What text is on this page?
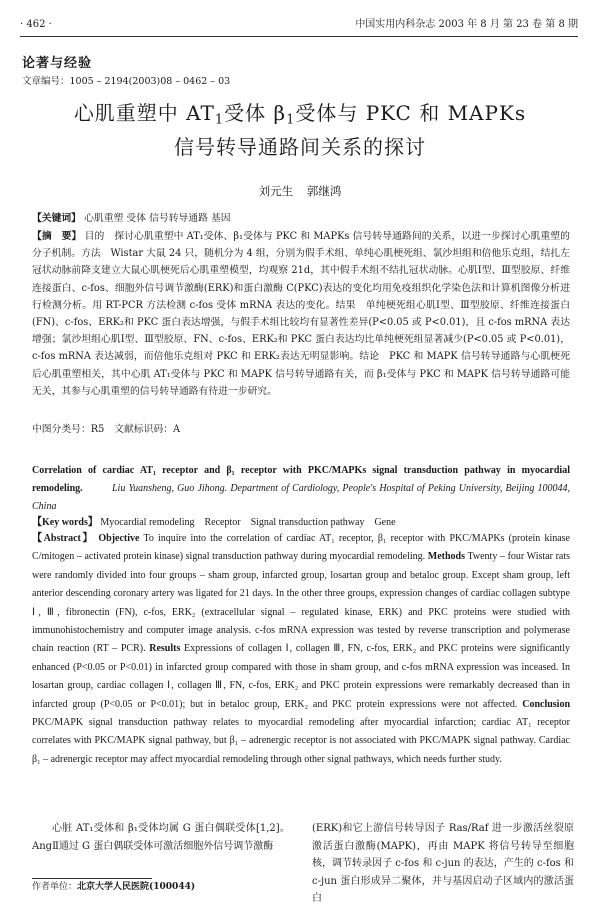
· 462 ·	中国实用内科杂志 2003 年 8 月 第 23 卷 第 8 期
论著与经验
文章编号：1005 – 2194(2003)08 – 0462 – 03
心肌重塑中 $AT_1$受体 $\beta_1$受体与 PKC 和 MAPKs
信号转导通路间关系的探讨
刘元生 郭继鸿
【关键词】 心肌重塑 受体 信号转导通路 基因
【摘　要】 目的　探讨心肌重塑中 AT₁受体、β₁受体与 PKC 和 MAPKs 信号转导通路间的关系，以进一步探讨心肌重塑的分子机制。方法　Wistar 大鼠 24 只，随机分为 4 组，分别为假手术组、单纯心肌梗死组、氯沙坦组和倍他乐克组，结扎左冠状动脉前降支建立大鼠心肌梗死后心肌重塑模型，均观察 21d，其中假手术组不结扎冠状动脉。心肌Ⅰ型、Ⅲ型胶原、纤维连接蛋白、c-fos、细胞外信号调节激酶(ERK)和蛋白激酶 C(PKC)表达的变化均用免疫组织化学染色法和计算机图像分析进行检测分析。用 RT-PCR 方法检测 c-fos 受体 mRNA 表达的变化。结果　单纯梗死组心肌Ⅰ型、Ⅲ型胶原、纤维连接蛋白(FN)、c-fos、ERK₂和 PKC 蛋白表达增强，与假手术组比较均有显著性差异(P<0.05 或 P<0.01)，且 c-fos mRNA 表达增强；氯沙坦组心肌Ⅰ型、Ⅲ型胶原、FN、c-fos、ERK₂和 PKC 蛋白表达均比单纯梗死组显著减少(P<0.05 或 P<0.01)，c-fos mRNA 表达减弱，而倍他乐克组对 PKC 和 ERK₂表达无明显影响。结论　PKC 和 MAPK 信号转导通路与心肌梗死后心肌重塑相关，其中心肌 AT₁受体与 PKC 和 MAPK 信号转导通路有关，而 β₁受体与 PKC 和 MAPK 信号转导通路可能无关，其参与心肌重塑的信号转导通路有待进一步研究。
中图分类号：R5　文献标识码：A
Correlation of cardiac AT₁ receptor and β₁ receptor with PKC/MAPKs signal transduction pathway in myocardial remodeling.	Liu Yuansheng, Guo Jihong. Department of Cardiology, People's Hospital of Peking University, Beijing 100044, China
【Key words】 Myocardial remodeling　Receptor　Signal transduction pathway　Gene
【Abstract】 Objective To inquire into the correlation of cardiac AT₁ receptor, β₁ receptor with PKC/MAPKs (protein kinase C/mitogen – activated protein kinase) signal transduction pathway during myocardial remodeling. Methods Twenty – four Wistar rats were randomly divided into four groups – sham group, infarcted group, losartan group and betaloc group. Except sham group, left anterior descending coronary artery was ligated for 21 days. In the other three groups, expression changes of cardiac collagen subtype Ⅰ, Ⅲ, fibronectin (FN), c-fos, ERK₂ (extracellular signal – regulated kinase, ERK) and PKC proteins were studied with immunohistochemistry and computer image analysis. c-fos mRNA expression was tested by reverse transcription and polymerase chain reaction (RT – PCR). Results Expressions of collagen Ⅰ, collagen Ⅲ, FN, c-fos, ERK₂ and PKC proteins were significantly enhanced (P<0.05 or P<0.01) in infarcted group compared with those in sham group, and c-fos mRNA expression was inceased. In losartan group, cardiac collagen Ⅰ, collagen Ⅲ, FN, c-fos, ERK₂ and PKC protein expressions were remarkably decreased than in infarcted group (P<0.05 or P<0.01); but in betaloc group, ERK₂ and PKC protein expressions were not affected. Conclusion PKC/MAPK signal transduction pathway relates to myocardial remodeling after myocardial infarction; cardiac AT₁ receptor correlates with PKC/MAPK signal pathway, but β₁ – adrenergic receptor is not associated with PKC/MAPK signal pathway. Cardiac β₁ – adrenergic receptor may affect myocardial remodeling through other signal pathways, which needs further study.
心脏 AT₁受体和 β₁受体均属 G 蛋白偶联受体[1,2]。AngⅡ通过 G 蛋白偶联受体可激活细胞外信号调节激酶
(ERK)和它上游信号转导因子 Ras/Raf 进一步激活丝裂原激活蛋白激酶(MAPK)，再由 MAPK 将信号转导至细胞核，调节转录因子 c-fos 和 c-jun 的表达，产生的 c-fos 和 c-jun 蛋白形成异二聚体，并与基因启动子区域内的激活蛋白
作者单位：北京大学人民医院(100044)
